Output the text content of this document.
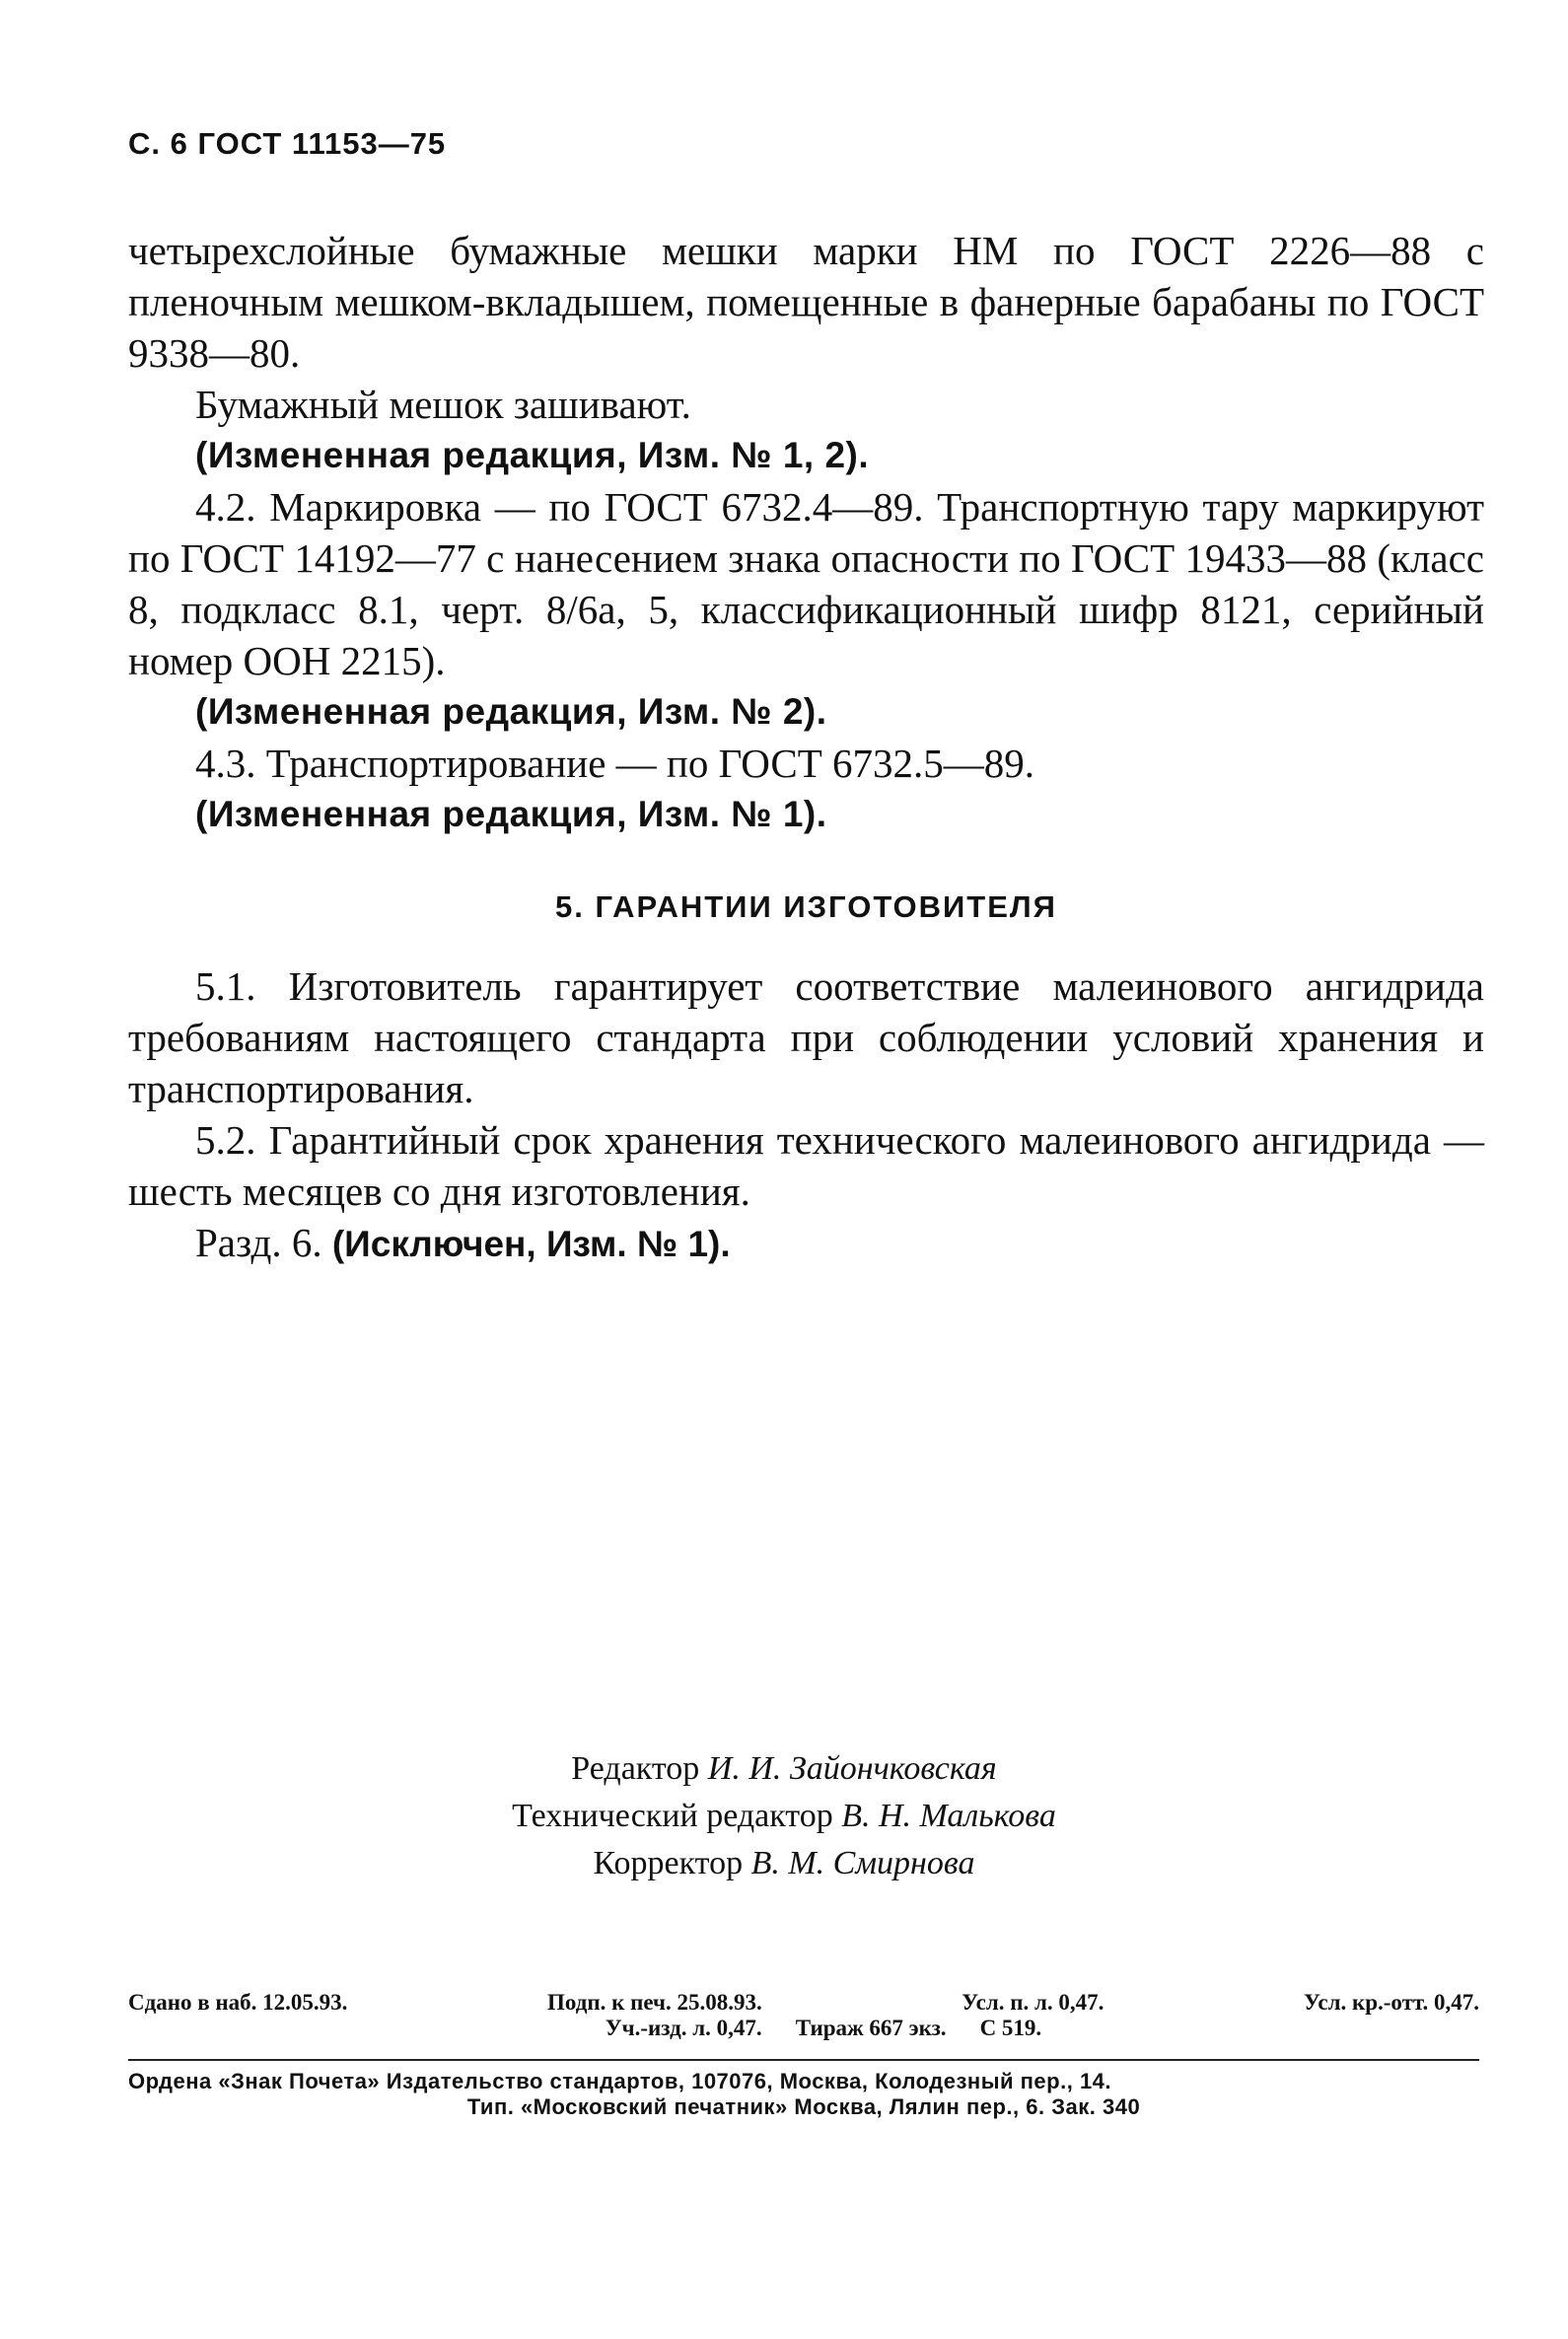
С. 6 ГОСТ 11153—75

четырехслойные бумажные мешки марки НМ по ГОСТ 2226—88 с пленочным мешком-вкладышем, помещенные в фанерные барабаны по ГОСТ 9338—80.

Бумажный мешок зашивают.

(Измененная редакция, Изм. № 1, 2).

4.2. Маркировка — по ГОСТ 6732.4—89. Транспортную тару маркируют по ГОСТ 14192—77 с нанесением знака опасности по ГОСТ 19433—88 (класс 8, подкласс 8.1, черт. 8/6а, 5, классификационный шифр 8121, серийный номер ООН 2215).

(Измененная редакция, Изм. № 2).

4.3. Транспортирование — по ГОСТ 6732.5—89.

(Измененная редакция, Изм. № 1).

5. ГАРАНТИИ ИЗГОТОВИТЕЛЯ

5.1. Изготовитель гарантирует соответствие малеинового ангидрида требованиям настоящего стандарта при соблюдении условий хранения и транспортирования.

5.2. Гарантийный срок хранения технического малеинового ангидрида — шесть месяцев со дня изготовления.

Разд. 6. (Исключен, Изм. № 1).

Редактор И. И. Зайончковская
Технический редактор В. Н. Малькова
Корректор В. М. Смирнова
Сдано в наб. 12.05.93.	Подп. к печ. 25.08.93.	Усл. п. л. 0,47.	Усл. кр.-отт. 0,47.
Уч.-изд. л. 0,47. Тираж 667 экз. С 519.
Ордена «Знак Почета» Издательство стандартов, 107076, Москва, Колодезный пер., 14.
Тип. «Московский печатник» Москва, Лялин пер., 6. Зак. 340
